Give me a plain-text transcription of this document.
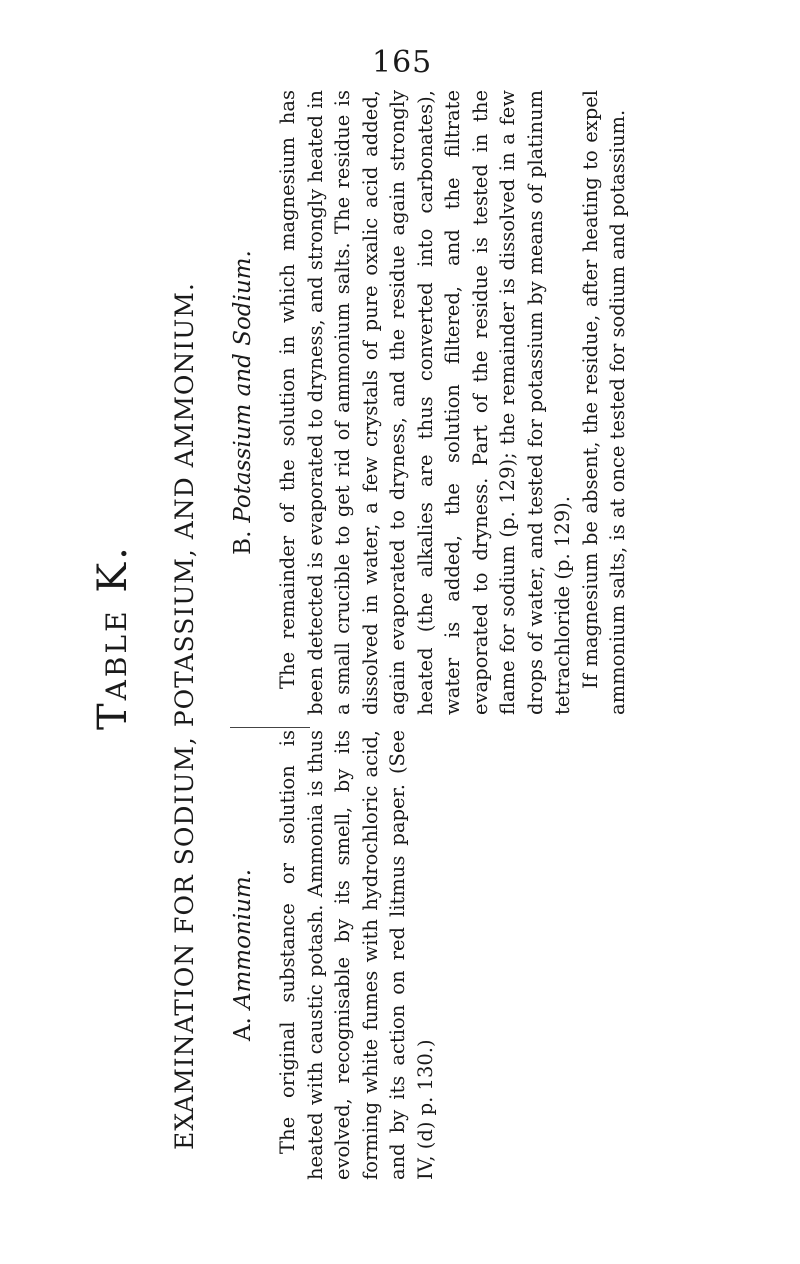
165
Table K. EXAMINATION FOR SODIUM, POTASSIUM, AND AMMONIUM. A.Ammonium. The original substance or solution is heated with caustic potash. Ammonia is thus evolved, recognisable by its smell, by its forming white fumes with hydrochloric acid, and by its action on red litmus paper. (See IV, (d) p. 130.)

B.Potassium and Sodium. The remainder of the solution in which magnesium has been detected is evaporated to dryness, and strongly heated in a small crucible to get rid of ammonium salts. The residue is dissolved in water, a few crystals of pure oxalic acid added, again evaporated to dryness, and the residue again strongly heated (the alkalies are thus converted into carbonates), water is added, the solution filtered, and the filtrate evaporated to dryness. Part of the residue is tested in the flame for sodium (p. 129); the remainder is dissolved in a few drops of water, and tested for potassium by means of platinum tetrachloride (p. 129). If magnesium be absent, the residue, after heating to expel ammonium salts, is at once tested for sodium and potassium.
